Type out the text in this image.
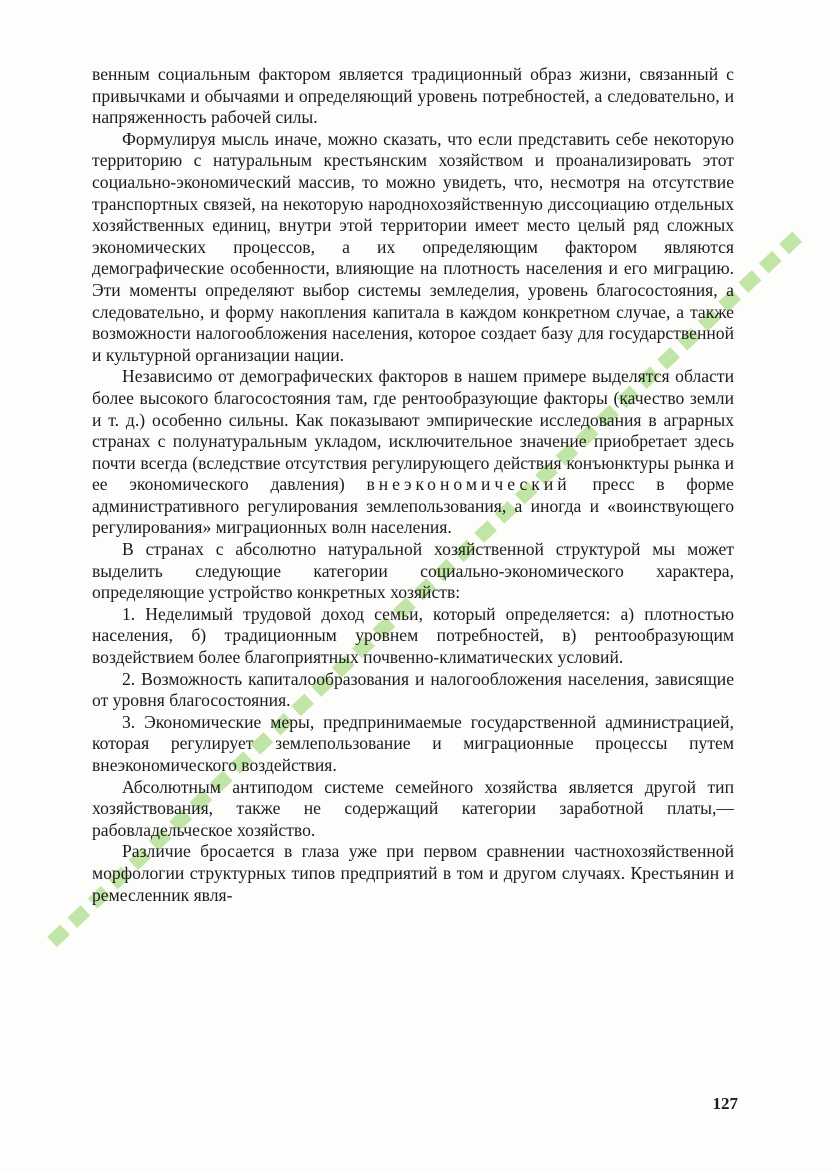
венным социальным фактором является традиционный образ жизни, связанный с привычками и обычаями и определяющий уровень потребностей, а следовательно, и напряженность рабочей силы.

Формулируя мысль иначе, можно сказать, что если представить себе некоторую территорию с натуральным крестьянским хозяйством и проанализировать этот социально-экономический массив, то можно увидеть, что, несмотря на отсутствие транспортных связей, на некоторую народнохозяйственную диссоциацию отдельных хозяйственных единиц, внутри этой территории имеет место целый ряд сложных экономических процессов, а их определяющим фактором являются демографические особенности, влияющие на плотность населения и его миграцию. Эти моменты определяют выбор системы земледелия, уровень благосостояния, а следовательно, и форму накопления капитала в каждом конкретном случае, а также возможности налогообложения населения, которое создает базу для государственной и культурной организации нации.

Независимо от демографических факторов в нашем примере выделятся области более высокого благосостояния там, где рентообразующие факторы (качество земли и т. д.) особенно сильны. Как показывают эмпирические исследования в аграрных странах с полунатуральным укладом, исключительное значение приобретает здесь почти всегда (вследствие отсутствия регулирующего действия конъюнктуры рынка и ее экономического давления) внеэкономический пресс в форме административного регулирования землепользования, а иногда и «воинствующего регулирования» миграционных волн населения.

В странах с абсолютно натуральной хозяйственной структурой мы может выделить следующие категории социально-экономического характера, определяющие устройство конкретных хозяйств:

1. Неделимый трудовой доход семьи, который определяется: а) плотностью населения, б) традиционным уровнем потребностей, в) рентообразующим воздействием более благоприятных почвенно-климатических условий.

2. Возможность капиталообразования и налогообложения населения, зависящие от уровня благосостояния.

3. Экономические меры, предпринимаемые государственной администрацией, которая регулирует землепользование и миграционные процессы путем внеэкономического воздействия.

Абсолютным антиподом системе семейного хозяйства является другой тип хозяйствования, также не содержащий категории заработной платы,— рабовладельческое хозяйство.

Различие бросается в глаза уже при первом сравнении частнохозяйственной морфологии структурных типов предприятий в том и другом случаях. Крестьянин и ремесленник явля-

127
